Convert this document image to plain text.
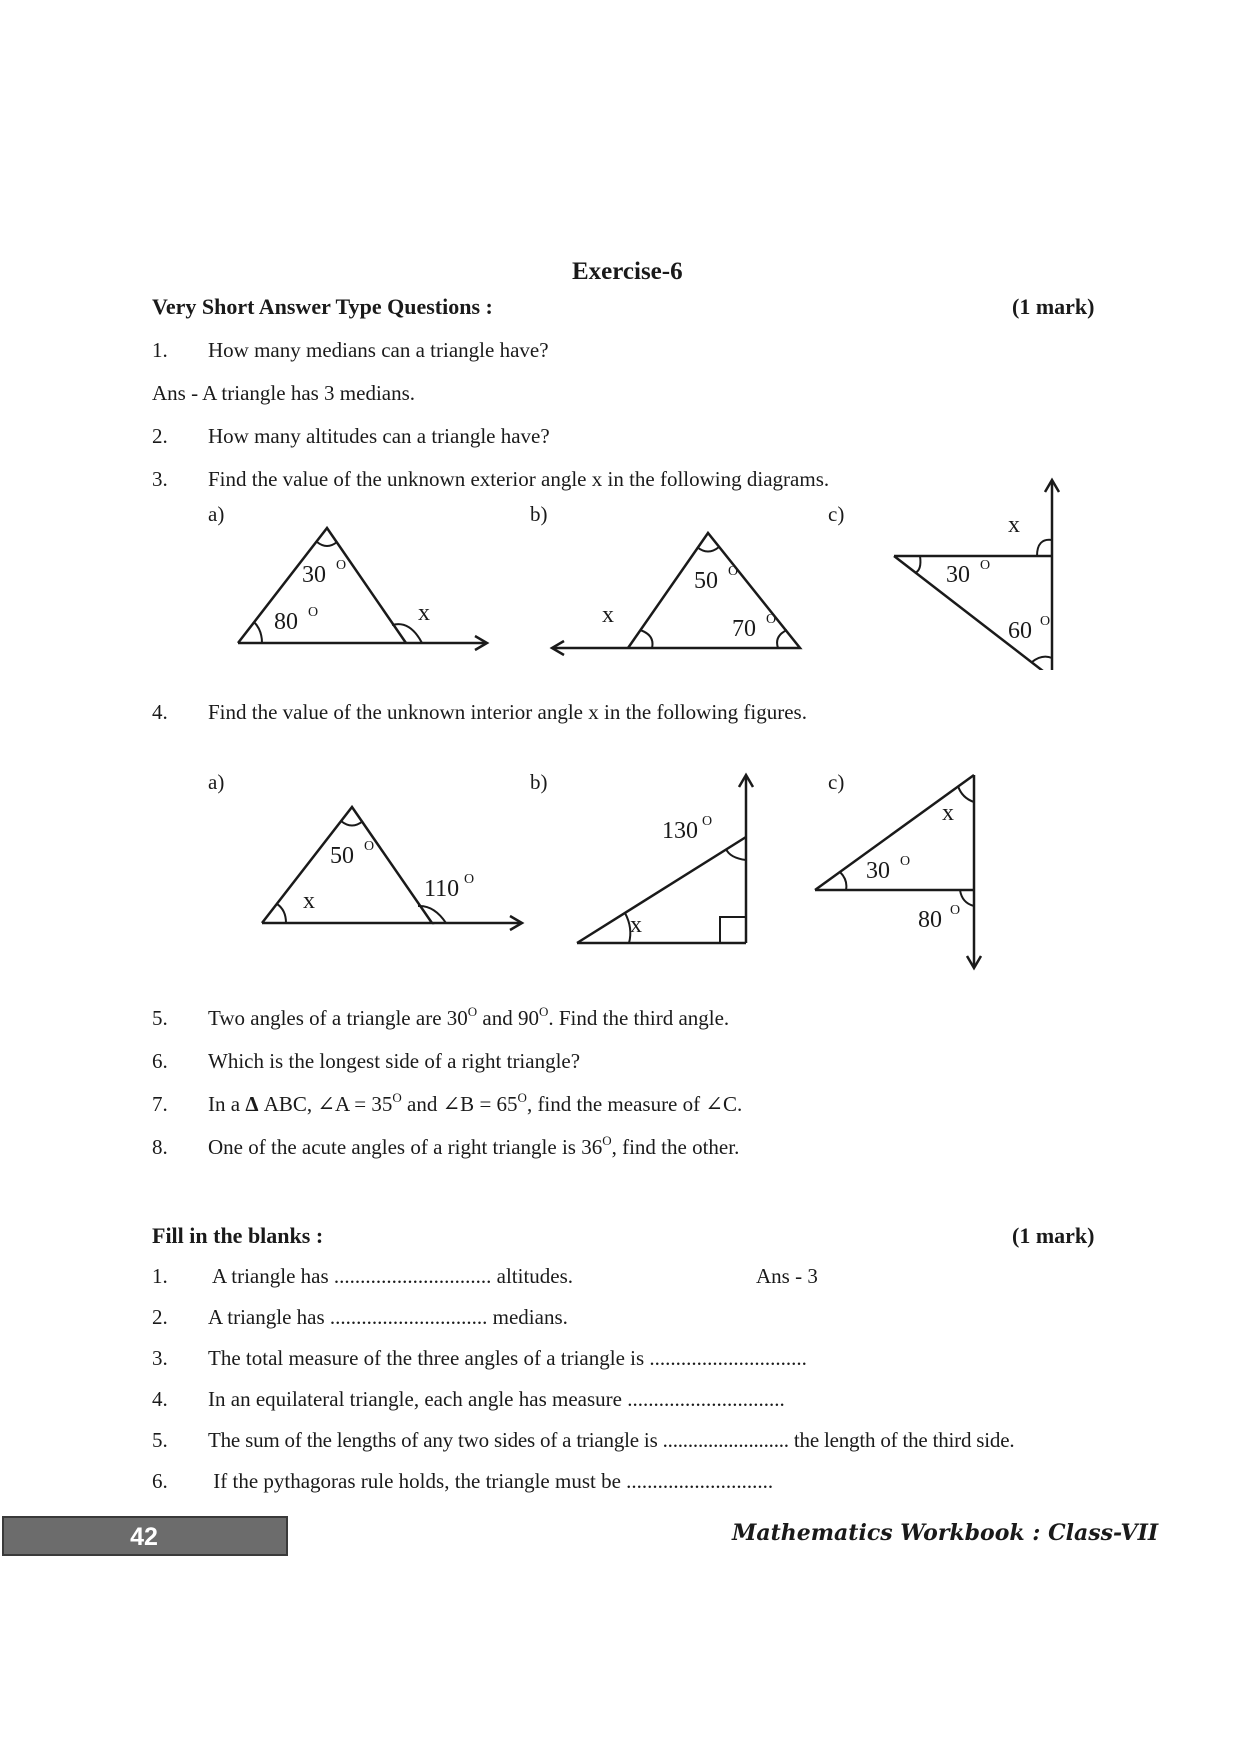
Exercise-6
Very Short Answer Type Questions :	(1 mark)
1. How many medians can a triangle have?
Ans - A triangle has 3 medians.
2. How many altitudes can a triangle have?
3. Find the value of the unknown exterior angle x in the following diagrams.
a)	b)	c)
30 O
80 O	x
50 O
70 O
x
30 O
60 O
x
4. Find the value of the unknown interior angle x in the following figures.
a)	b)	c)
50 O
x	110 O
130 O
x
x
30 O
80 O
5. Two angles of a triangle are $30^O$ and $90^O$. Find the third angle.
6. Which is the longest side of a right triangle?
7. In a Δ ABC, ∠A = $35^O$ and ∠B = $65^O$, find the measure of ∠C.
8. One of the acute angles of a right triangle is $36^O$, find the other.
Fill in the blanks :	(1 mark)
1. A triangle has .............................. altitudes.	Ans - 3
2. A triangle has .............................. medians.
3. The total measure of the three angles of a triangle is ..............................
4. In an equilateral triangle, each angle has measure ..............................
5. The sum of the lengths of any two sides of a triangle is ......................... the length of the third side.
6. If the pythagoras rule holds, the triangle must be ............................
42	Mathematics Workbook : Class-VII
